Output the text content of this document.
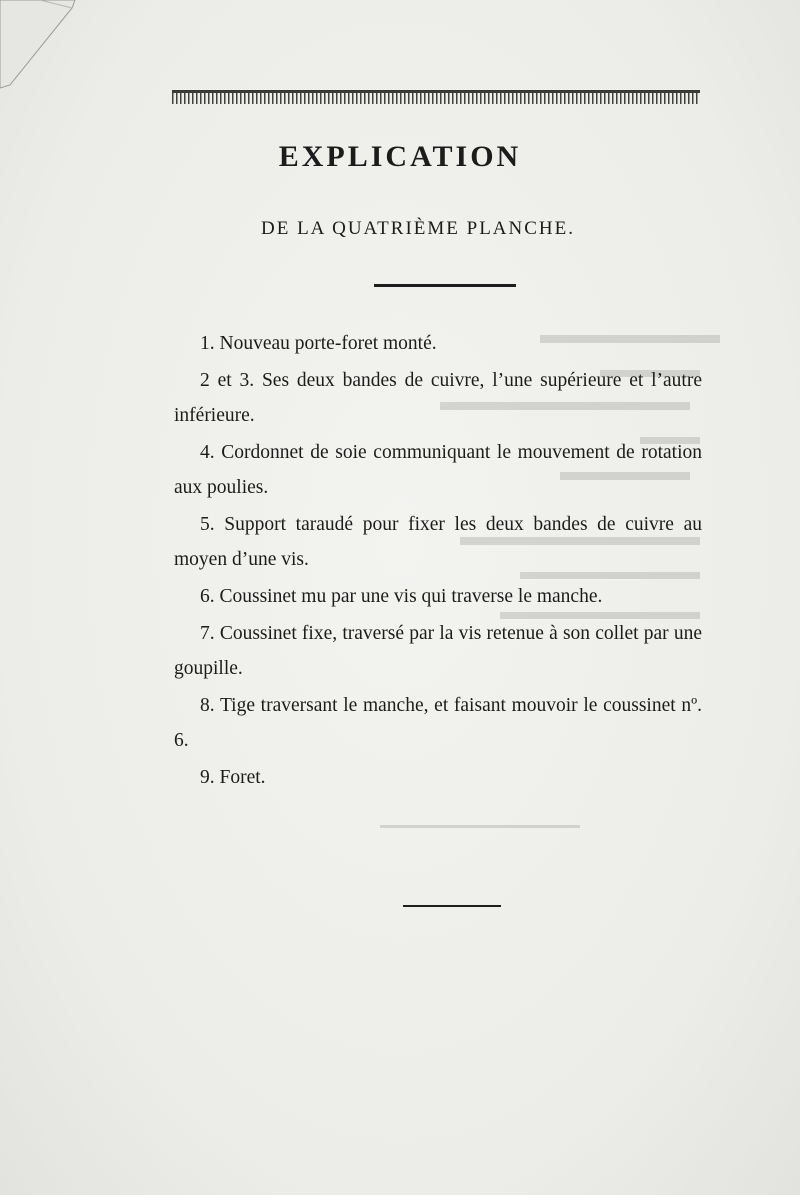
EXPLICATION
DE LA QUATRIÈME PLANCHE.

1. Nouveau porte-foret monté.

2 et 3. Ses deux bandes de cuivre, l’une supérieure et l’autre inférieure.

4. Cordonnet de soie communiquant le mouvement de rotation aux poulies.

5. Support taraudé pour fixer les deux bandes de cuivre au moyen d’une vis.

6. Coussinet mu par une vis qui traverse le manche.

7. Coussinet fixe, traversé par la vis retenue à son collet par une goupille.

8. Tige traversant le manche, et faisant mouvoir le coussinet nº. 6.

9. Foret.
